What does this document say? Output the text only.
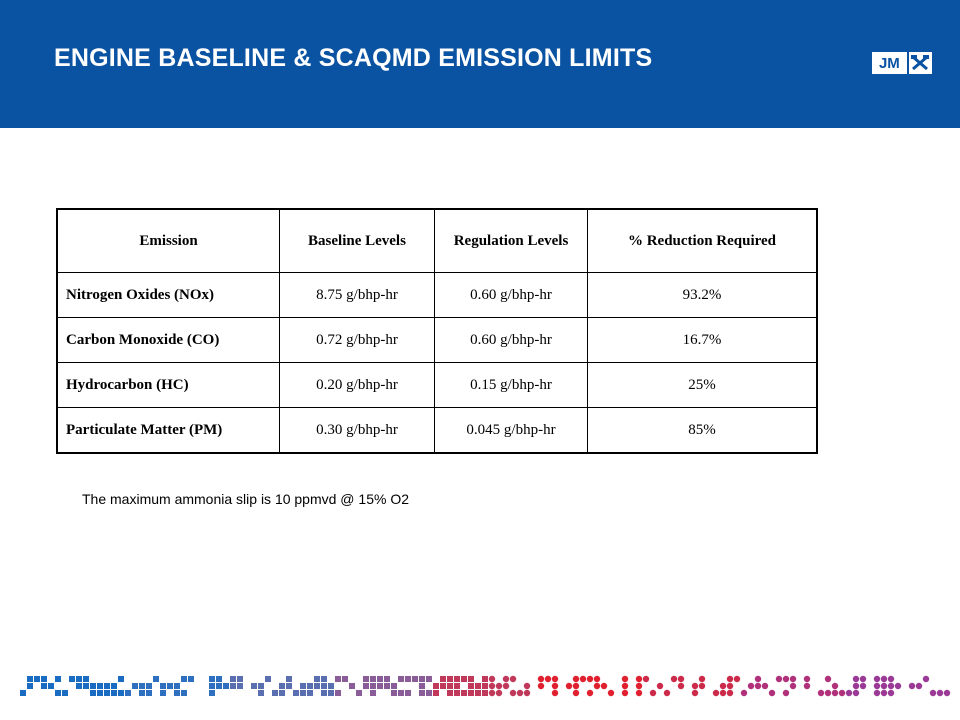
ENGINE BASELINE & SCAQMD EMISSION LIMITS	JM
Emission	Baseline Levels	Regulation Levels	% Reduction Required
Nitrogen Oxides (NOx)	8.75 g/bhp-hr	0.60 g/bhp-hr	93.2%
Carbon Monoxide (CO)	0.72 g/bhp-hr	0.60 g/bhp-hr	16.7%
Hydrocarbon (HC)	0.20 g/bhp-hr	0.15 g/bhp-hr	25%
Particulate Matter (PM)	0.30 g/bhp-hr	0.045 g/bhp-hr	85%
The maximum ammonia slip is 10 ppmvd @ 15% O2
